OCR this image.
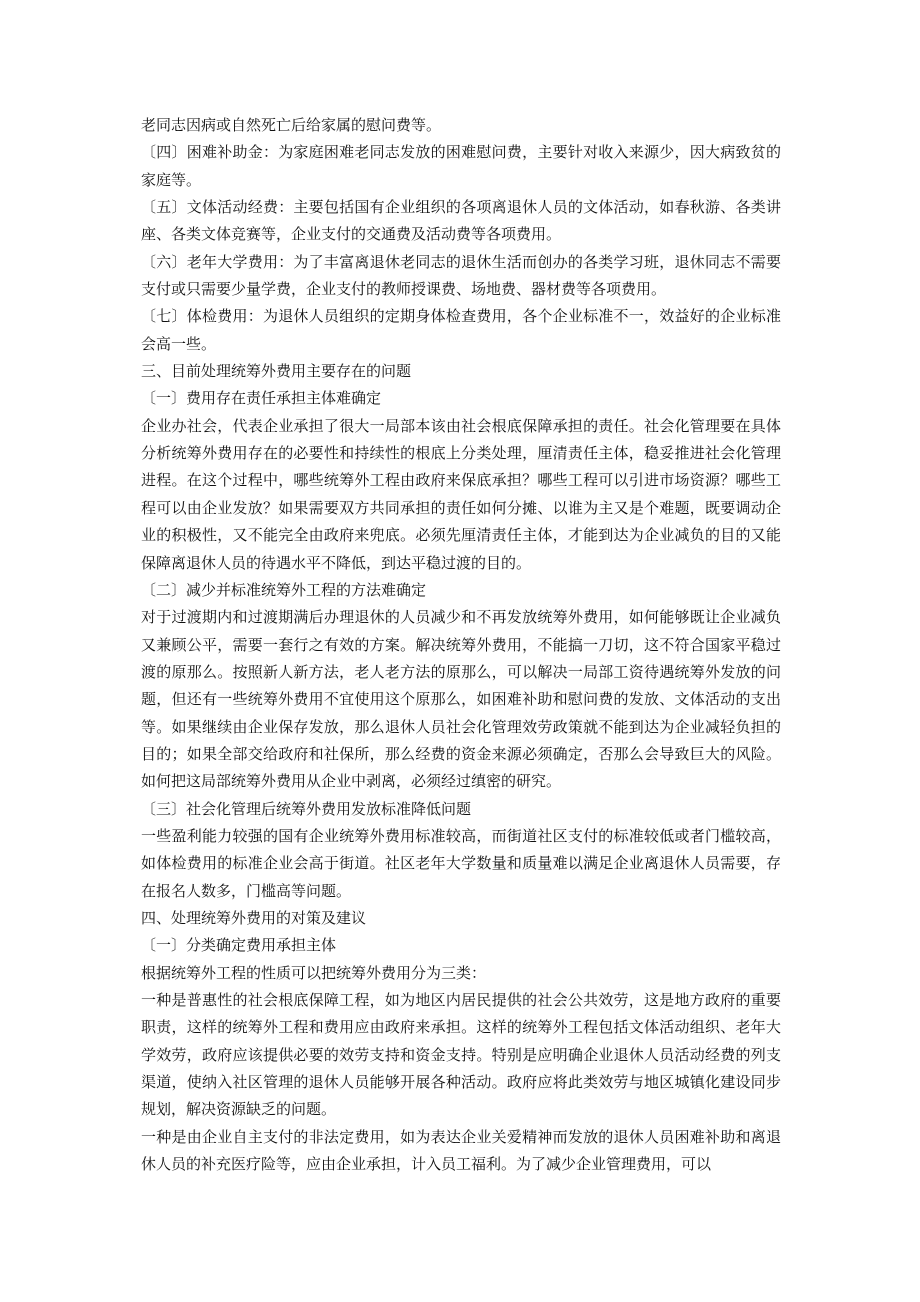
老同志因病或自然死亡后给家属的慰问费等。

〔四〕困难补助金：为家庭困难老同志发放的困难慰问费，主要针对收入来源少，因大病致贫的家庭等。

〔五〕文体活动经费：主要包括国有企业组织的各项离退休人员的文体活动，如春秋游、各类讲座、各类文体竞赛等，企业支付的交通费及活动费等各项费用。

〔六〕老年大学费用：为了丰富离退休老同志的退休生活而创办的各类学习班，退休同志不需要支付或只需要少量学费，企业支付的教师授课费、场地费、器材费等各项费用。

〔七〕体检费用：为退休人员组织的定期身体检查费用，各个企业标准不一，效益好的企业标准会高一些。

三、目前处理统筹外费用主要存在的问题

〔一〕费用存在责任承担主体难确定

企业办社会，代表企业承担了很大一局部本该由社会根底保障承担的责任。社会化管理要在具体分析统筹外费用存在的必要性和持续性的根底上分类处理，厘清责任主体，稳妥推进社会化管理进程。在这个过程中，哪些统筹外工程由政府来保底承担？哪些工程可以引进市场资源？哪些工程可以由企业发放？如果需要双方共同承担的责任如何分摊、以谁为主又是个难题，既要调动企业的积极性，又不能完全由政府来兜底。必须先厘清责任主体，才能到达为企业减负的目的又能保障离退休人员的待遇水平不降低，到达平稳过渡的目的。

〔二〕减少并标准统筹外工程的方法难确定

对于过渡期内和过渡期满后办理退休的人员减少和不再发放统筹外费用，如何能够既让企业减负又兼顾公平，需要一套行之有效的方案。解决统筹外费用，不能搞一刀切，这不符合国家平稳过渡的原那么。按照新人新方法，老人老方法的原那么，可以解决一局部工资待遇统筹外发放的问题，但还有一些统筹外费用不宜使用这个原那么，如困难补助和慰问费的发放、文体活动的支出等。如果继续由企业保存发放，那么退休人员社会化管理效劳政策就不能到达为企业减轻负担的目的；如果全部交给政府和社保所，那么经费的资金来源必须确定，否那么会导致巨大的风险。如何把这局部统筹外费用从企业中剥离，必须经过缜密的研究。

〔三〕社会化管理后统筹外费用发放标准降低问题

一些盈利能力较强的国有企业统筹外费用标准较高，而街道社区支付的标准较低或者门槛较高，如体检费用的标准企业会高于街道。社区老年大学数量和质量难以满足企业离退休人员需要，存在报名人数多，门槛高等问题。

四、处理统筹外费用的对策及建议

〔一〕分类确定费用承担主体

根据统筹外工程的性质可以把统筹外费用分为三类：

一种是普惠性的社会根底保障工程，如为地区内居民提供的社会公共效劳，这是地方政府的重要职责，这样的统筹外工程和费用应由政府来承担。这样的统筹外工程包括文体活动组织、老年大学效劳，政府应该提供必要的效劳支持和资金支持。特别是应明确企业退休人员活动经费的列支渠道，使纳入社区管理的退休人员能够开展各种活动。政府应将此类效劳与地区城镇化建设同步规划，解决资源缺乏的问题。

一种是由企业自主支付的非法定费用，如为表达企业关爱精神而发放的退休人员困难补助和离退休人员的补充医疗险等，应由企业承担，计入员工福利。为了减少企业管理费用，可以
